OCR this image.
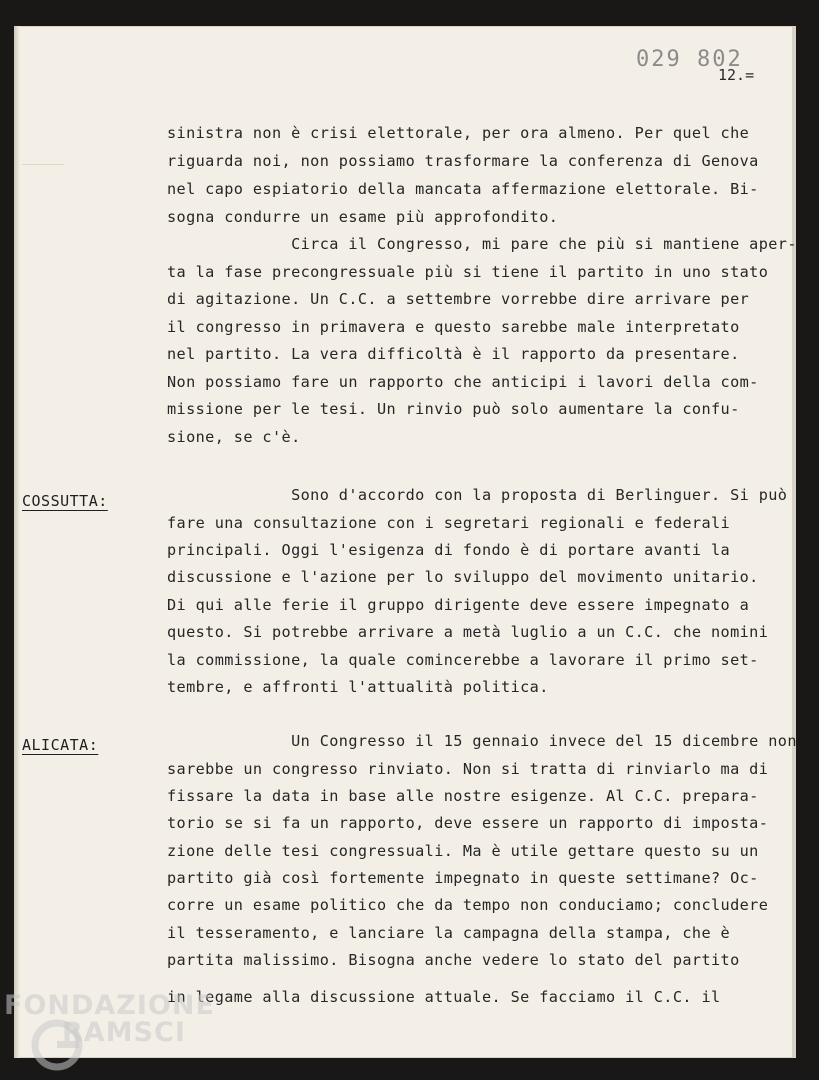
029 802
12.=
COSSUTTA:
ALICATA:
sinistra non è crisi elettorale, per ora almeno. Per quel che
riguarda noi, non possiamo trasformare la conferenza di Genova
nel capo espiatorio della mancata affermazione elettorale. Bi-
sogna condurre un esame più approfondito.
Circa il Congresso, mi pare che più si mantiene aper-
ta la fase precongressuale più si tiene il partito in uno stato
di agitazione. Un C.C. a settembre vorrebbe dire arrivare per
il congresso in primavera e questo sarebbe male interpretato
nel partito. La vera difficoltà è il rapporto da presentare.
Non possiamo fare un rapporto che anticipi i lavori della com-
missione per le tesi. Un rinvio può solo aumentare la confu-
sione, se c'è.
Sono d'accordo con la proposta di Berlinguer. Si può
fare una consultazione con i segretari regionali e federali
principali. Oggi l'esigenza di fondo è di portare avanti la
discussione e l'azione per lo sviluppo del movimento unitario.
Di qui alle ferie il gruppo dirigente deve essere impegnato a
questo. Si potrebbe arrivare a metà luglio a un C.C. che nomini
la commissione, la quale comincerebbe a lavorare il primo set-
tembre, e affronti l'attualità politica.
Un Congresso il 15 gennaio invece del 15 dicembre non
sarebbe un congresso rinviato. Non si tratta di rinviarlo ma di
fissare la data in base alle nostre esigenze. Al C.C. prepara-
torio se si fa un rapporto, deve essere un rapporto di imposta-
zione delle tesi congressuali. Ma è utile gettare questo su un
partito già così fortemente impegnato in queste settimane? Oc-
corre un esame politico che da tempo non conduciamo; concludere
il tesseramento, e lanciare la campagna della stampa, che è
partita malissimo. Bisogna anche vedere lo stato del partito
in legame alla discussione attuale. Se facciamo il C.C. il
FONDAZIONE
RAMSCI
